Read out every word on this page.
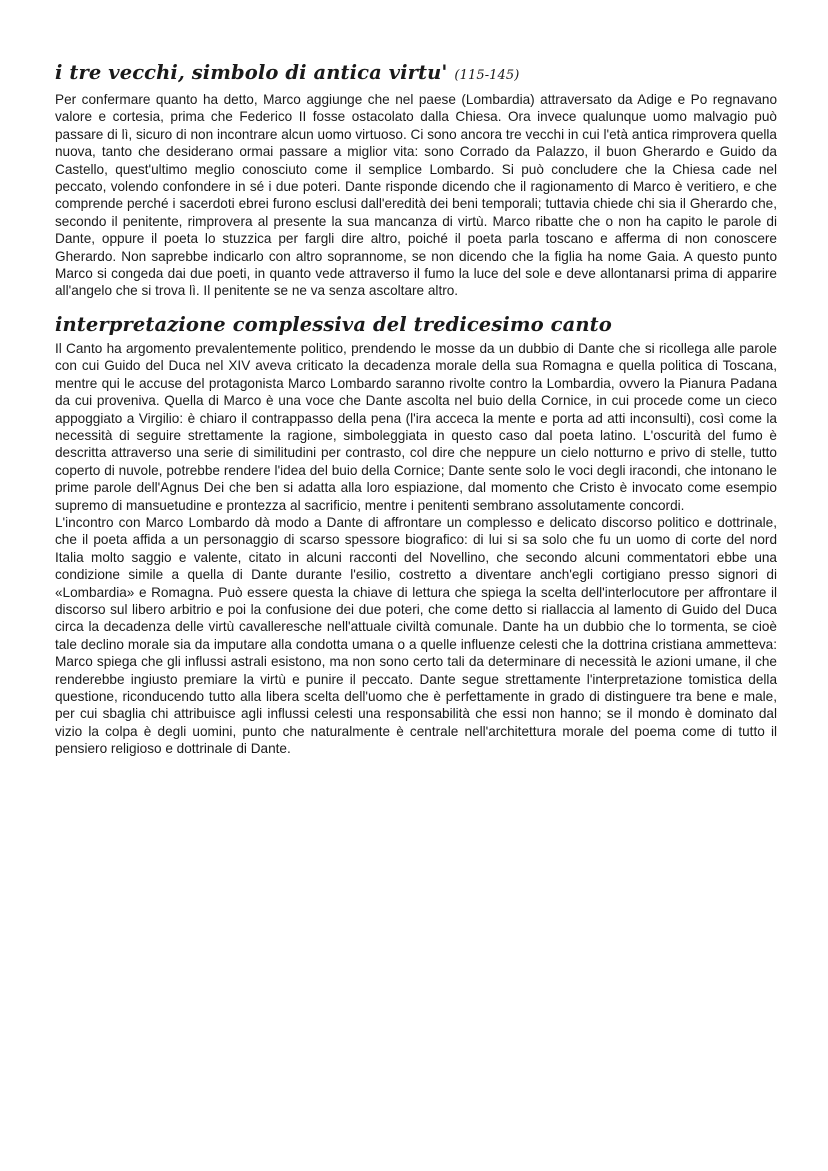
i tre vecchi, simbolo di antica virtu' (115-145)

Per confermare quanto ha detto, Marco aggiunge che nel paese (Lombardia) attraversato da Adige e Po regnavano valore e cortesia, prima che Federico II fosse ostacolato dalla Chiesa. Ora invece qualunque uomo malvagio può passare di lì, sicuro di non incontrare alcun uomo virtuoso. Ci sono ancora tre vecchi in cui l'età antica rimprovera quella nuova, tanto che desiderano ormai passare a miglior vita: sono Corrado da Palazzo, il buon Gherardo e Guido da Castello, quest'ultimo meglio conosciuto come il semplice Lombardo. Si può concludere che la Chiesa cade nel peccato, volendo confondere in sé i due poteri. Dante risponde dicendo che il ragionamento di Marco è veritiero, e che comprende perché i sacerdoti ebrei furono esclusi dall'eredità dei beni temporali; tuttavia chiede chi sia il Gherardo che, secondo il penitente, rimprovera al presente la sua mancanza di virtù. Marco ribatte che o non ha capito le parole di Dante, oppure il poeta lo stuzzica per fargli dire altro, poiché il poeta parla toscano e afferma di non conoscere Gherardo. Non saprebbe indicarlo con altro soprannome, se non dicendo che la figlia ha nome Gaia. A questo punto Marco si congeda dai due poeti, in quanto vede attraverso il fumo la luce del sole e deve allontanarsi prima di apparire all'angelo che si trova lì. Il penitente se ne va senza ascoltare altro.

interpretazione complessiva del tredicesimo canto

Il Canto ha argomento prevalentemente politico, prendendo le mosse da un dubbio di Dante che si ricollega alle parole con cui Guido del Duca nel XIV aveva criticato la decadenza morale della sua Romagna e quella politica di Toscana, mentre qui le accuse del protagonista Marco Lombardo saranno rivolte contro la Lombardia, ovvero la Pianura Padana da cui proveniva. Quella di Marco è una voce che Dante ascolta nel buio della Cornice, in cui procede come un cieco appoggiato a Virgilio: è chiaro il contrappasso della pena (l'ira acceca la mente e porta ad atti inconsulti), così come la necessità di seguire strettamente la ragione, simboleggiata in questo caso dal poeta latino. L'oscurità del fumo è descritta attraverso una serie di similitudini per contrasto, col dire che neppure un cielo notturno e privo di stelle, tutto coperto di nuvole, potrebbe rendere l'idea del buio della Cornice; Dante sente solo le voci degli iracondi, che intonano le prime parole dell'Agnus Dei che ben si adatta alla loro espiazione, dal momento che Cristo è invocato come esempio supremo di mansuetudine e prontezza al sacrificio, mentre i penitenti sembrano assolutamente concordi.

L'incontro con Marco Lombardo dà modo a Dante di affrontare un complesso e delicato discorso politico e dottrinale, che il poeta affida a un personaggio di scarso spessore biografico: di lui si sa solo che fu un uomo di corte del nord Italia molto saggio e valente, citato in alcuni racconti del Novellino, che secondo alcuni commentatori ebbe una condizione simile a quella di Dante durante l'esilio, costretto a diventare anch'egli cortigiano presso signori di «Lombardia» e Romagna. Può essere questa la chiave di lettura che spiega la scelta dell'interlocutore per affrontare il discorso sul libero arbitrio e poi la confusione dei due poteri, che come detto si riallaccia al lamento di Guido del Duca circa la decadenza delle virtù cavalleresche nell'attuale civiltà comunale. Dante ha un dubbio che lo tormenta, se cioè tale declino morale sia da imputare alla condotta umana o a quelle influenze celesti che la dottrina cristiana ammetteva: Marco spiega che gli influssi astrali esistono, ma non sono certo tali da determinare di necessità le azioni umane, il che renderebbe ingiusto premiare la virtù e punire il peccato. Dante segue strettamente l'interpretazione tomistica della questione, riconducendo tutto alla libera scelta dell'uomo che è perfettamente in grado di distinguere tra bene e male, per cui sbaglia chi attribuisce agli influssi celesti una responsabilità che essi non hanno; se il mondo è dominato dal vizio la colpa è degli uomini, punto che naturalmente è centrale nell'architettura morale del poema come di tutto il pensiero religioso e dottrinale di Dante.
